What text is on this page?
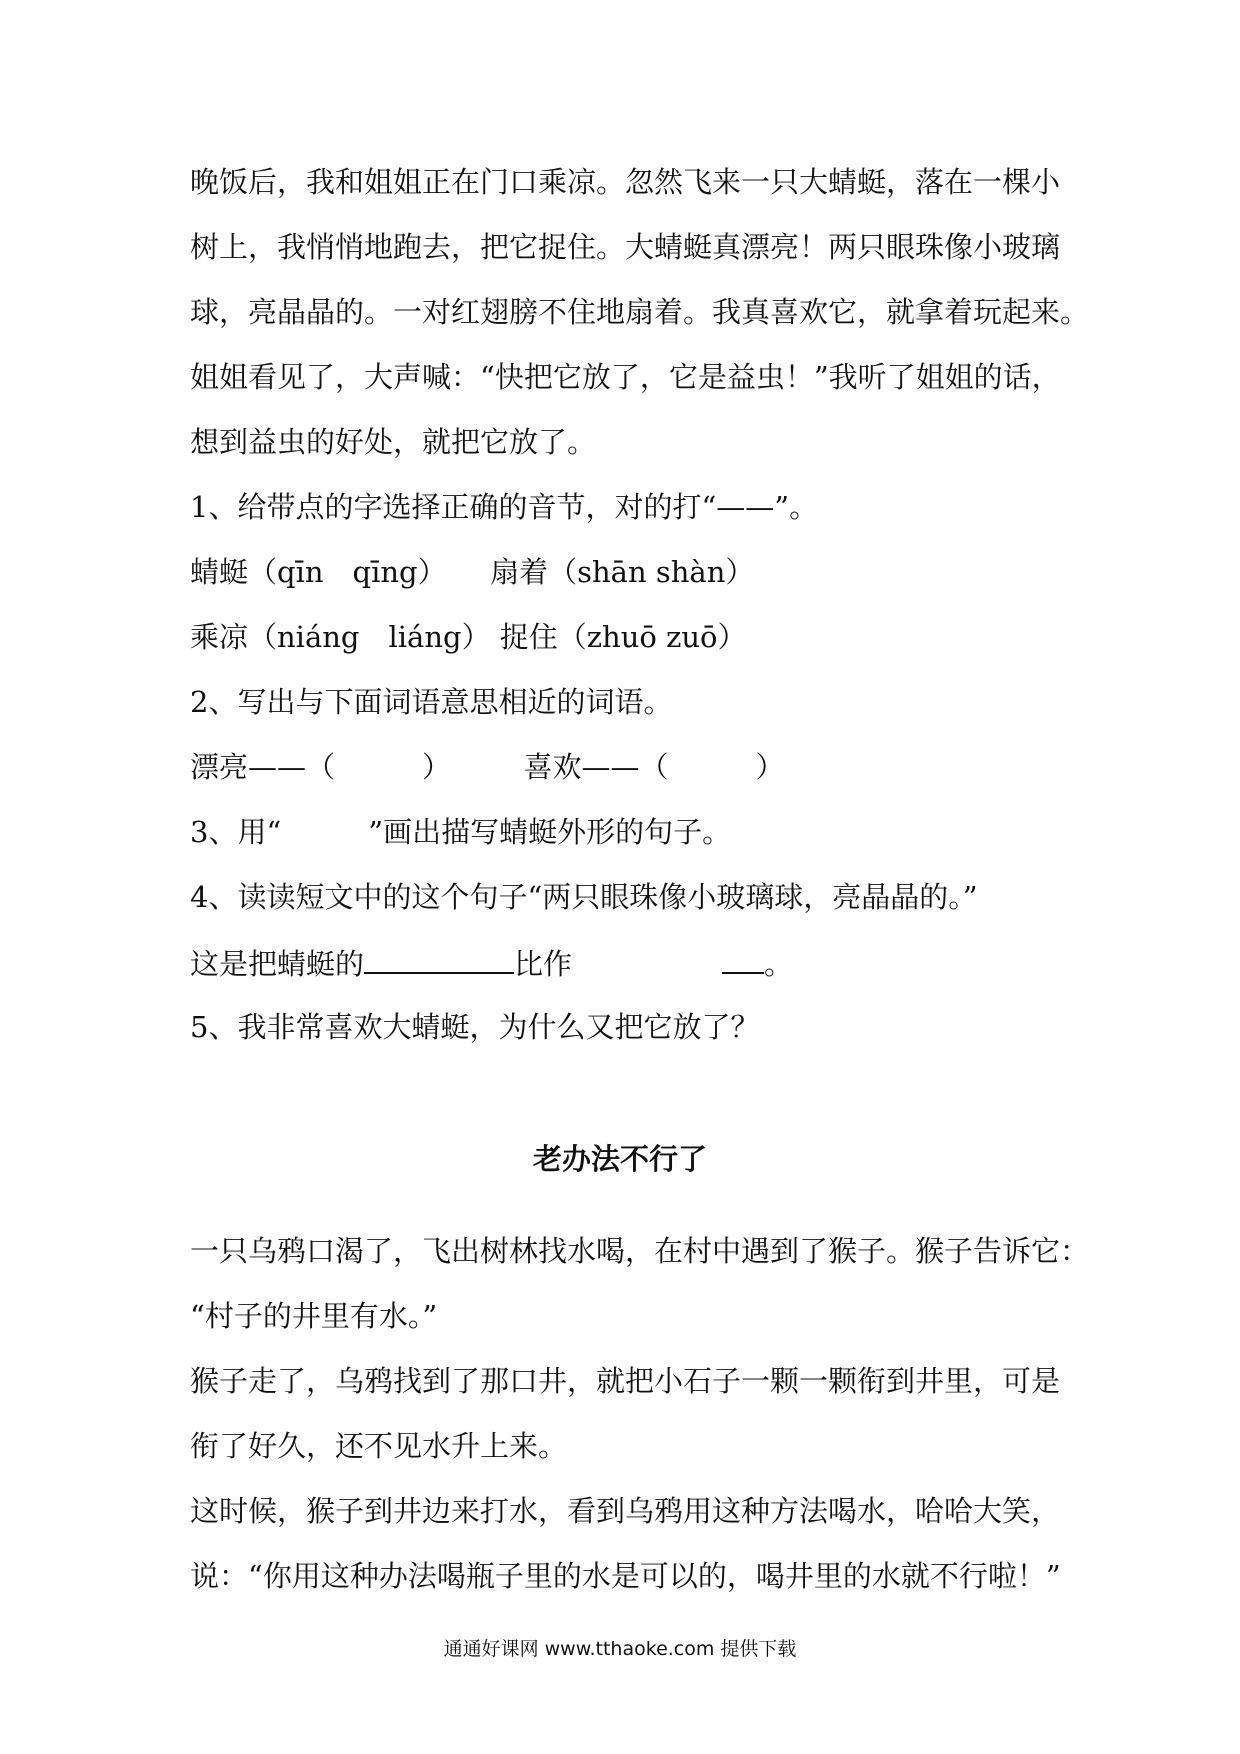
晚饭后，我和姐姐正在门口乘凉。忽然飞来一只大蜻蜓，落在一棵小
树上，我悄悄地跑去，把它捉住。大蜻蜓真漂亮！两只眼珠像小玻璃
球，亮晶晶的。一对红翅膀不住地扇着。我真喜欢它，就拿着玩起来。
姐姐看见了，大声喊：“快把它放了，它是益虫！”我听了姐姐的话，
想到益虫的好处，就把它放了。
1、给带点的字选择正确的音节，对的打“——”。
蜻蜓（qīn　qīng）　　扇着（shān shàn）
乘凉（niáng　liáng） 捉住（zhuō zuō）
2、写出与下面词语意思相近的词语。
漂亮——（　　　）　　　喜欢——（　　　）
3、用“　　　”画出描写蜻蜓外形的句子。
4、读读短文中的这个句子“两只眼珠像小玻璃球，亮晶晶的。”
这是把蜻蜓的	比作	。
5、我非常喜欢大蜻蜓，为什么又把它放了？
老办法不行了
一只乌鸦口渴了，飞出树林找水喝，在村中遇到了猴子。猴子告诉它：
“村子的井里有水。”
猴子走了，乌鸦找到了那口井，就把小石子一颗一颗衔到井里，可是
衔了好久，还不见水升上来。
这时候，猴子到井边来打水，看到乌鸦用这种方法喝水，哈哈大笑，
说：“你用这种办法喝瓶子里的水是可以的，喝井里的水就不行啦！”
通通好课网 www.tthaoke.com 提供下载
